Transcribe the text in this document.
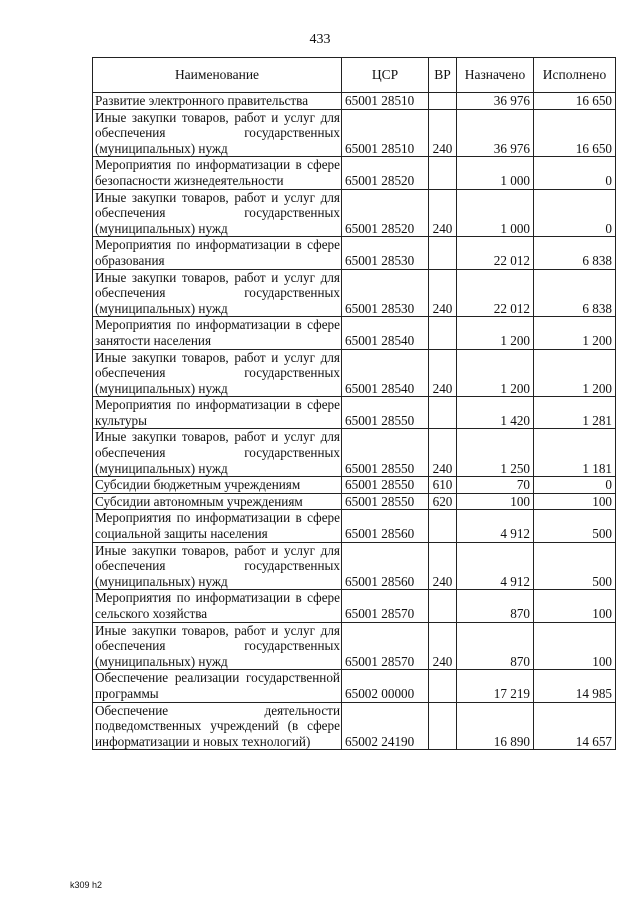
433
Наименование	ЦСР	ВР	Назначено	Исполнено
Развитие электронного правительства	65001 28510		36 976	16 650
Иные закупки товаров, работ и услуг для обеспечения государственных (муниципальных) нужд	65001 28510	240	36 976	16 650
Мероприятия по информатизации в сфере безопасности жизнедеятельности	65001 28520		1 000	0
Иные закупки товаров, работ и услуг для обеспечения государственных (муниципальных) нужд	65001 28520	240	1 000	0
Мероприятия по информатизации в сфере образования	65001 28530		22 012	6 838
Иные закупки товаров, работ и услуг для обеспечения государственных (муниципальных) нужд	65001 28530	240	22 012	6 838
Мероприятия по информатизации в сфере занятости населения	65001 28540		1 200	1 200
Иные закупки товаров, работ и услуг для обеспечения государственных (муниципальных) нужд	65001 28540	240	1 200	1 200
Мероприятия по информатизации в сфере культуры	65001 28550		1 420	1 281
Иные закупки товаров, работ и услуг для обеспечения государственных (муниципальных) нужд	65001 28550	240	1 250	1 181
Субсидии бюджетным учреждениям	65001 28550	610	70	0
Субсидии автономным учреждениям	65001 28550	620	100	100
Мероприятия по информатизации в сфере социальной защиты населения	65001 28560		4 912	500
Иные закупки товаров, работ и услуг для обеспечения государственных (муниципальных) нужд	65001 28560	240	4 912	500
Мероприятия по информатизации в сфере сельского хозяйства	65001 28570		870	100
Иные закупки товаров, работ и услуг для обеспечения государственных (муниципальных) нужд	65001 28570	240	870	100
Обеспечение реализации государственной программы	65002 00000		17 219	14 985
Обеспечение деятельности подведомственных учреждений (в сфере информатизации и новых технологий)	65002 24190		16 890	14 657
k309 h2
